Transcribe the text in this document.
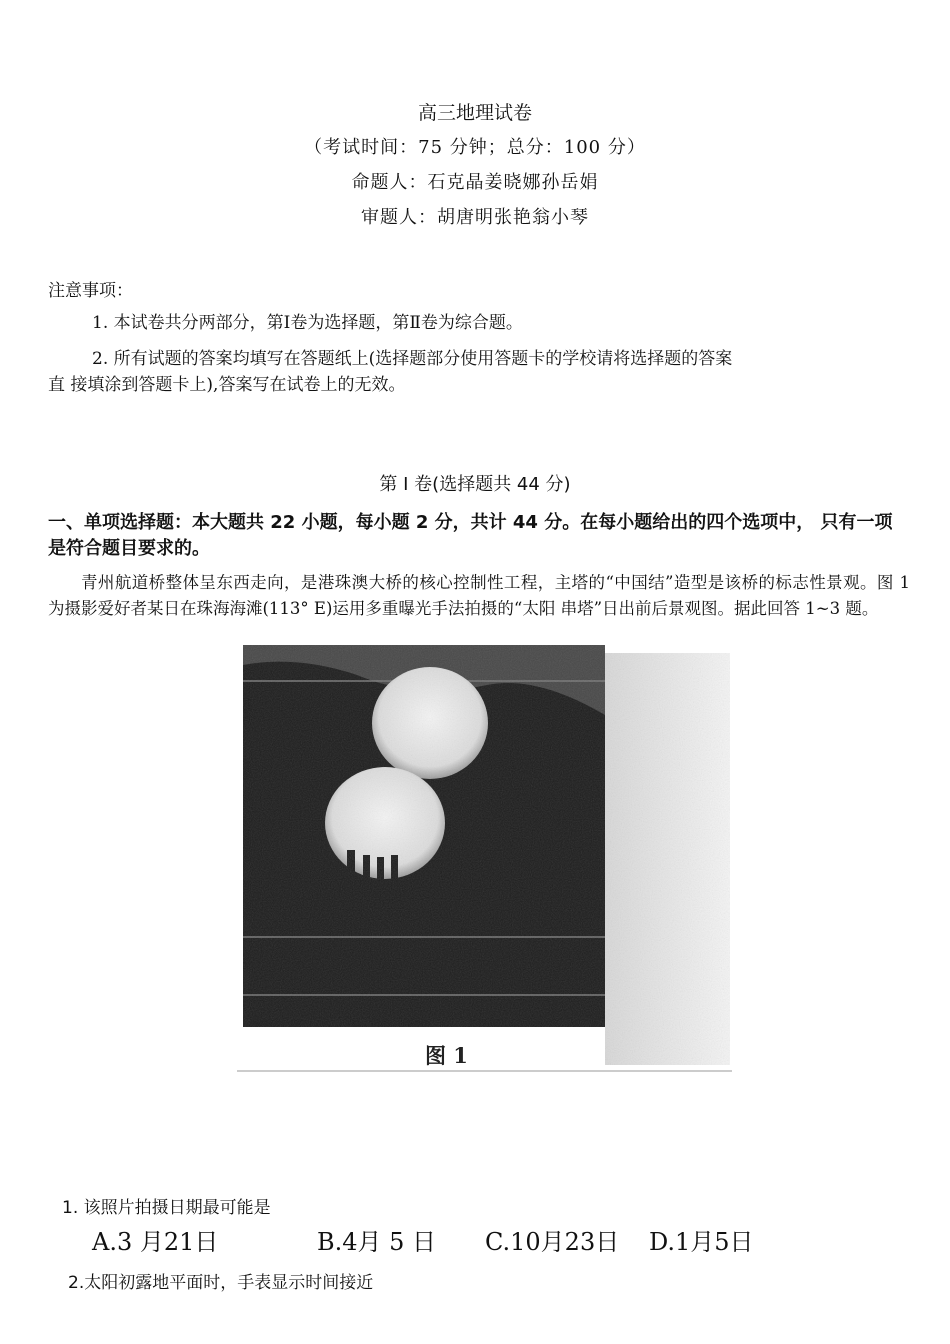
高三地理试卷
（考试时间：75 分钟；总分：100 分）
命题人：石克晶姜晓娜孙岳娟
审题人：胡唐明张艳翁小琴
注意事项：
1. 本试卷共分两部分，第Ⅰ卷为选择题，第Ⅱ卷为综合题。
2. 所有试题的答案均填写在答题纸上(选择题部分使用答题卡的学校请将选择题的答案
直 接填涂到答题卡上),答案写在试卷上的无效。
第 I 卷(选择题共 44 分)
一、单项选择题：本大题共 22 小题，每小题 2 分，共计 44 分。在每小题给出的四个选项中， 只有一项是符合题目要求的。
青州航道桥整体呈东西走向，是港珠澳大桥的核心控制性工程，主塔的“中国结”造型是该桥的标志性景观。图 1 为摄影爱好者某日在珠海海滩(113° E)运用多重曝光手法拍摄的“太阳 串塔”日出前后景观图。据此回答 1~3 题。
图 1
1. 该照片拍摄日期最可能是
A.3 月21日	B.4月 5 日 C.10月23日 D.1月5日
2.太阳初露地平面时，手表显示时间接近
